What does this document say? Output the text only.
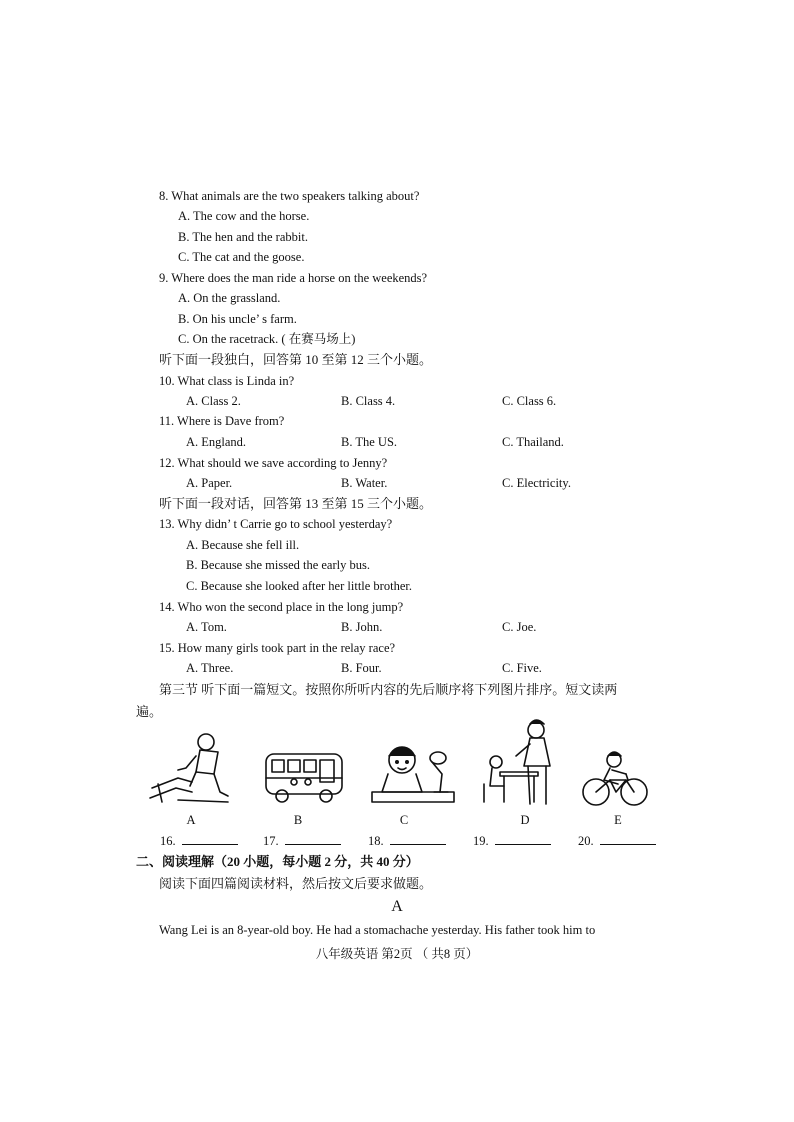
8. What animals are the two speakers talking about?
A. The cow and the horse.
B. The hen and the rabbit.
C. The cat and the goose.
9. Where does the man ride a horse on the weekends?
A. On the grassland.
B. On his uncle’ s farm.
C. On the racetrack. ( 在赛马场上)
听下面一段独白，回答第 10 至第 12 三个小题。
10. What class is Linda in?
A. Class 2.	B. Class 4.	C. Class 6.
11. Where is Dave from?
A. England.	B. The US.	C. Thailand.
12. What should we save according to Jenny?
A. Paper.	B. Water.	C. Electricity.
听下面一段对话，回答第 13 至第 15 三个小题。
13. Why didn’ t Carrie go to school yesterday?
A. Because she fell ill.
B. Because she missed the early bus.
C. Because she looked after her little brother.
14. Who won the second place in the long jump?
A. Tom.	B. John.	C. Joe.
15. How many girls took part in the relay race?
A. Three.	B. Four.	C. Five.
第三节 听下面一篇短文。按照你所听内容的先后顺序将下列图片排序。短文读两
遍。
A	B	C	D	E
16.	17.	18.	19.	20.
二、阅读理解（20 小题，每小题 2 分，共 40 分）
阅读下面四篇阅读材料，然后按文后要求做题。
A
Wang Lei is an 8-year-old boy. He had a stomachache yesterday. His father took him to
八年级英语 第2页 （ 共8 页）
